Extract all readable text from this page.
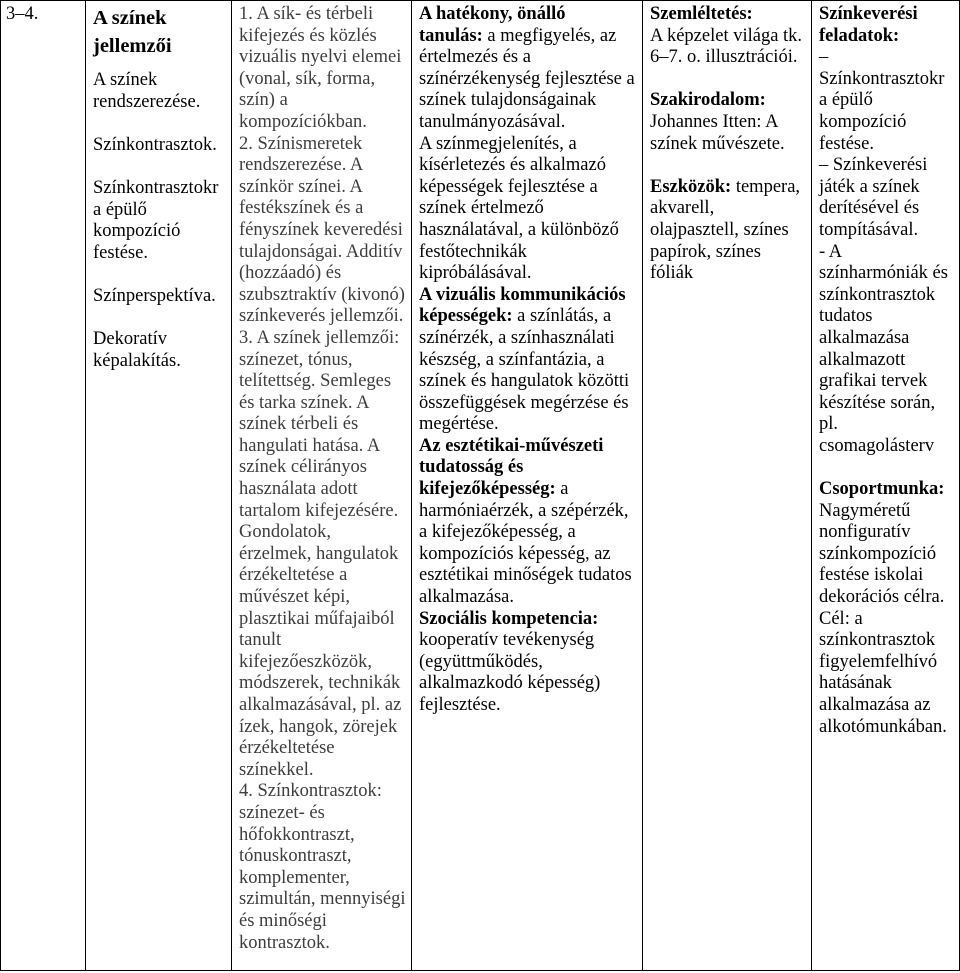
3–4.	A színek
jellemzői
A színek
rendszerezése.
Színkontrasztok.
Színkontrasztokr
a épülő
kompozíció
festése.
Színperspektíva.
Dekoratív
képalakítás.

1. A sík- és térbeli
kifejezés és közlés
vizuális nyelvi elemei
(vonal, sík, forma,
szín) a
kompozíciókban.
2. Színismeretek
rendszerezése. A
színkör színei. A
festékszínek és a
fényszínek keveredési
tulajdonságai. Additív
(hozzáadó) és
szubsztraktív (kivonó)
színkeverés jellemzői.
3. A színek jellemzői:
színezet, tónus,
telítettség. Semleges
és tarka színek. A
színek térbeli és
hangulati hatása. A
színek célirányos
használata adott
tartalom kifejezésére.
Gondolatok,
érzelmek, hangulatok
érzékeltetése a
művészet képi,
plasztikai műfajaiból
tanult
kifejezőeszközök,
módszerek, technikák
alkalmazásával, pl. az
ízek, hangok, zörejek
érzékeltetése
színekkel.
4. Színkontrasztok:
színezet- és
hőfokkontraszt,
tónuskontraszt,
komplementer,
szimultán, mennyiségi
és minőségi
kontrasztok.

A hatékony, önálló
tanulás: a megfigyelés, az
értelmezés és a
színérzékenység fejlesztése a
színek tulajdonságainak
tanulmányozásával.
A színmegjelenítés, a
kísérletezés és alkalmazó
képességek fejlesztése a
színek értelmező
használatával, a különböző
festőtechnikák
kipróbálásával.
A vizuális kommunikációs
képességek: a színlátás, a
színérzék, a színhasználati
készség, a színfantázia, a
színek és hangulatok közötti
összefüggések megérzése és
megértése.
Az esztétikai-művészeti
tudatosság és
kifejezőképesség: a
harmóniaérzék, a szépérzék,
a kifejezőképesség, a
kompozíciós képesség, az
esztétikai minőségek tudatos
alkalmazása.
Szociális kompetencia:
kooperatív tevékenység
(együttműködés,
alkalmazkodó képesség)
fejlesztése.

Szemléltetés:
A képzelet világa tk.
6–7. o. illusztrációi.
Szakirodalom:
Johannes Itten: A
színek művészete.
Eszközök: tempera,
akvarell,
olajpasztell, színes
papírok, színes
fóliák

Színkeverési
feladatok:
–
Színkontrasztokr
a épülő
kompozíció
festése.
– Színkeverési
játék a színek
derítésével és
tompításával.
- A
színharmóniák és
színkontrasztok
tudatos
alkalmazása
alkalmazott
grafikai tervek
készítése során,
pl.
csomagolásterv
Csoportmunka:
Nagyméretű
nonfiguratív
színkompozíció
festése iskolai
dekorációs célra.
Cél: a
színkontrasztok
figyelemfelhívó
hatásának
alkalmazása az
alkotómunkában.
